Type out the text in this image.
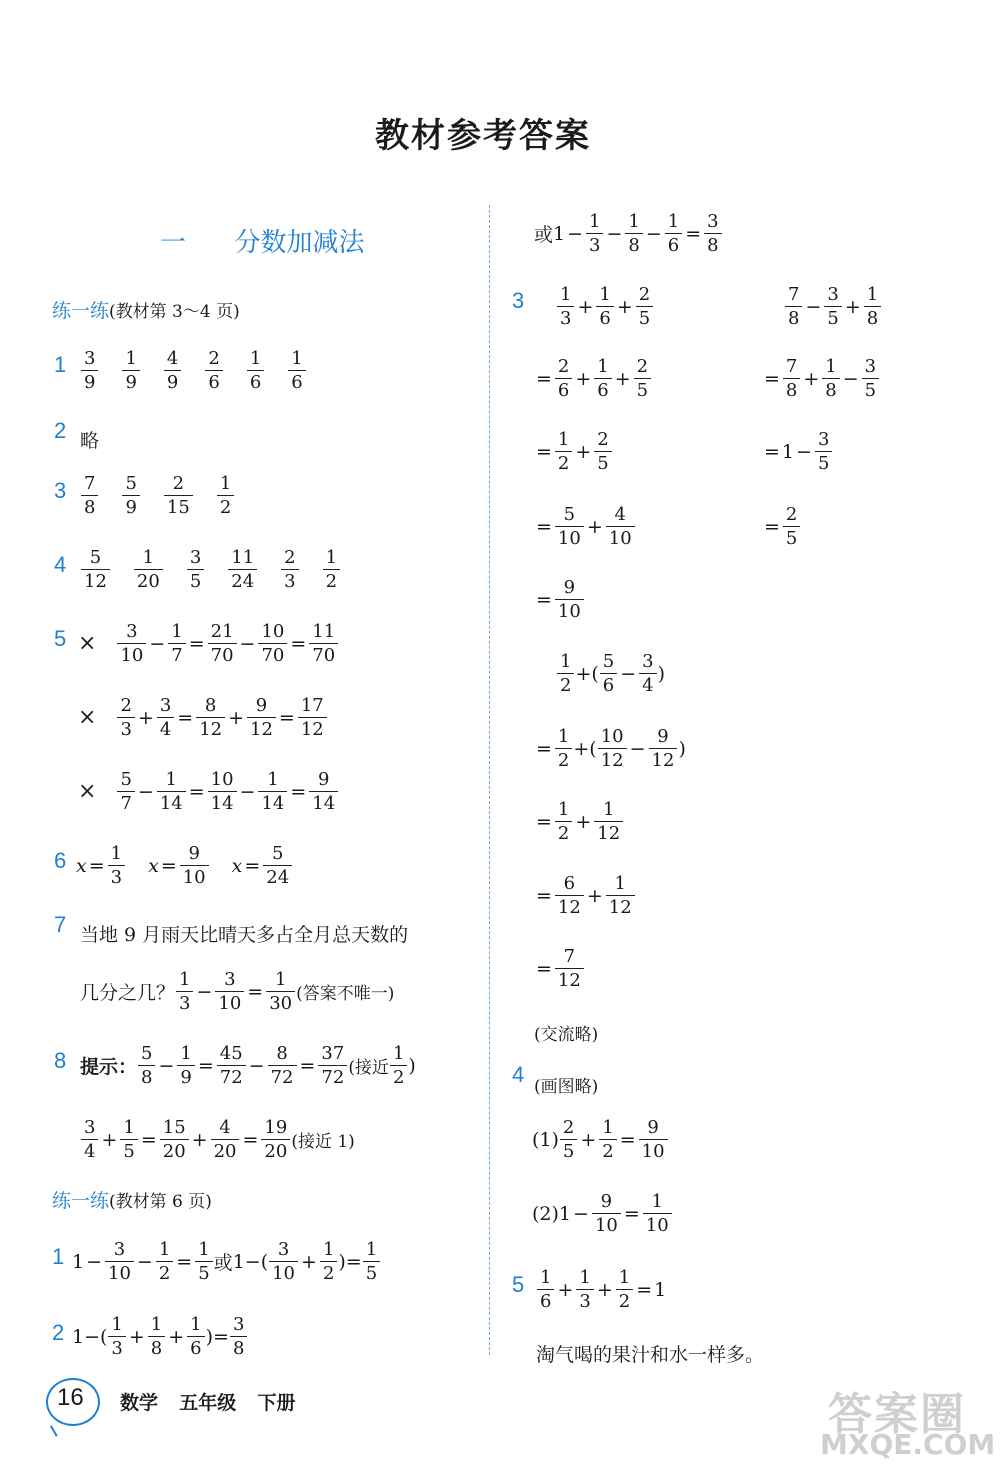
教材参考答案
一 分数加减法
练一练(教材第 3～4 页)
$1 \frac{3}{9} \frac{1}{9} \frac{4}{9} \frac{2}{6} \frac{1}{6} \frac{1}{6}$
2 略
$3 \frac{7}{8} \frac{5}{9} \frac{2}{15} \frac{1}{2}$
$4 \frac{5}{12} \frac{1}{20} \frac{3}{5} \frac{11}{24} \frac{2}{3} \frac{1}{2}$
5 ×	$\frac{3}{10} - \frac{1}{7} = \frac{21}{70} - \frac{10}{70} = \frac{11}{70}$
×	$\frac{2}{3} + \frac{3}{4} = \frac{8}{12} + \frac{9}{12} = \frac{17}{12}$
×	$\frac{5}{7} - \frac{1}{14} = \frac{10}{14} - \frac{1}{14} = \frac{9}{14}$
6 $x = \frac{1}{3}$ $x = \frac{9}{10}$ $x = \frac{5}{24}$
7 当地 9 月雨天比晴天多占全月总天数的
几分之几？ $\frac{1}{3} - \frac{3}{10} = \frac{1}{30}$ (答案不唯一)
8 提示： $\frac{5}{8} - \frac{1}{9} = \frac{45}{72} - \frac{8}{72} = \frac{37}{72}$ (接近 $\frac{1}{2}$ )
$\frac{3}{4} + \frac{1}{5} = \frac{15}{20} + \frac{4}{20} = \frac{19}{20}$ (接近 1)
练一练(教材第 6 页)
1 $1 - \frac{3}{10} - \frac{1}{2} = \frac{1}{5}$ 或 $1-( \frac{3}{10} + \frac{1}{2}$ )= $\frac{1}{5}$
2 $1-( \frac{1}{3} + \frac{1}{8} + \frac{1}{6}$ )= $\frac{3}{8}$
或 $1 - \frac{1}{3} - \frac{1}{8} - \frac{1}{6} = \frac{3}{8}$
$3 \frac{1}{3} + \frac{1}{6} + \frac{2}{5}$
= $\frac{2}{6} + \frac{1}{6} + \frac{2}{5}$
= $\frac{1}{2} + \frac{2}{5}$
= $\frac{5}{10} + \frac{4}{10}$
= $\frac{9}{10}$
$\frac{7}{8} - \frac{3}{5} + \frac{1}{8}$
= $\frac{7}{8} + \frac{1}{8} - \frac{3}{5}$
= $1 - \frac{3}{5}$
= $\frac{2}{5}$
$\frac{1}{2}$ +( $\frac{5}{6} - \frac{3}{4}$ )
= $\frac{1}{2}$ +( $\frac{10}{12} - \frac{9}{12}$ )
= $\frac{1}{2} + \frac{1}{12}$
= $\frac{6}{12} + \frac{1}{12}$
= $\frac{7}{12}$
(交流略)
4 (画图略)
$(1) \frac{2}{5} + \frac{1}{2} = \frac{9}{10}$
(2) $1 - \frac{9}{10} = \frac{1}{10}$
$5 \frac{1}{6} + \frac{1}{3} + \frac{1}{2} = 1$
淘气喝的果汁和水一样多。
16 数学 五年级 下册	答案圈
MXQE.COM
